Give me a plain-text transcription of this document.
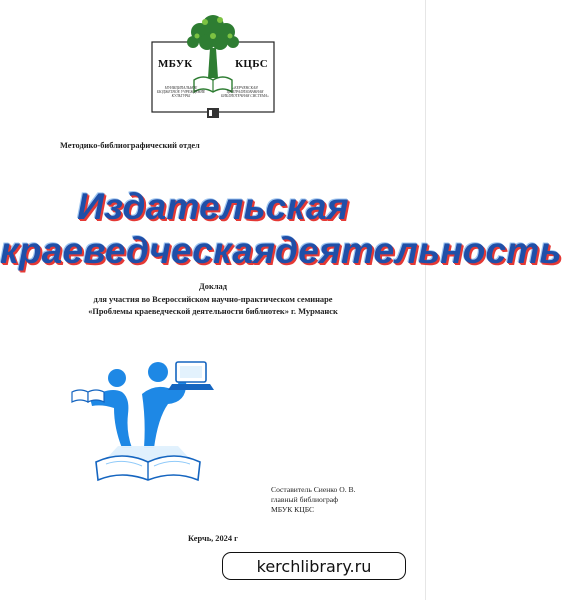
МБУК	КЦБС
МУНИЦИПАЛЬНОЕ БЮДЖЕТНОЕ УЧРЕЖДЕНИЕ КУЛЬТУРЫ
«КЕРЧЕНСКАЯ ЦЕНТРАЛИЗОВАННАЯ БИБЛИОТЕЧНАЯ СИСТЕМА»
Методико-библиографический отдел
Издательская
краеведческаядеятельность
Доклад
для участия во Всероссийском научно-практическом семинаре
«Проблемы краеведческой деятельности библиотек» г. Мурманск
Составитель Сиенко О. В.
главный библиограф
МБУК КЦБС
Керчь, 2024 г
kerchlibrary.ru
